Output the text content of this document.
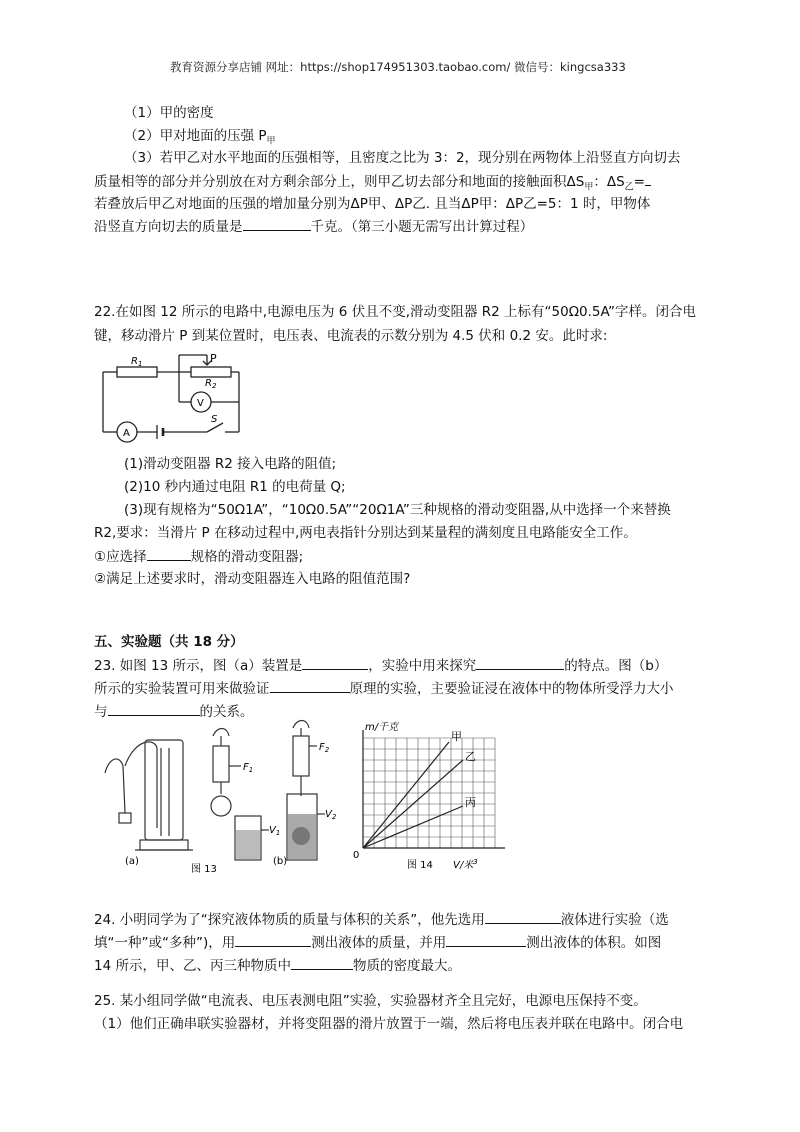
教育资源分享店铺 网址：https://shop174951303.taobao.com/ 微信号：kingcsa333
（1）甲的密度
（2）甲对地面的压强 $P_甲$
（3）若甲乙对水平地面的压强相等，且密度之比为 3：2，现分别在两物体上沿竖直方向切去
质量相等的部分并分别放在对方剩余部分上，则甲乙切去部分和地面的接触面积$\Delta S_甲$：$\Delta S_乙=$
若叠放后甲乙对地面的压强的增加量分别为ΔP甲、ΔP乙. 且当ΔP甲：ΔP乙=5：1 时，甲物体
沿竖直方向切去的质量是	千克。（第三小题无需写出计算过程）
22.在如图 12 所示的电路中,电源电压为 6 伏且不变,滑动变阻器 R2 上标有“50Ω0.5A”字样。闭合电
键，移动滑片 P 到某位置时，电压表、电流表的示数分别为 4.5 伏和 0.2 安。此时求:
P
$R_1$
$R_2$
V
A
S
(1)滑动变阻器 R2 接入电路的阻值;
(2)10 秒内通过电阻 R1 的电荷量 Q;
(3)现有规格为“50Ω1A”，“10Ω0.5A”“20Ω1A”三种规格的滑动变阻器,从中选择一个来替换
R2,要求：当滑片 P 在移动过程中,两电表指针分别达到某量程的满刻度且电路能安全工作。
①应选择	规格的滑动变阻器;
②满足上述要求时，滑动变阻器连入电路的阻值范围?
五、实验题（共 18 分）
23. 如图 13 所示，图（a）装置是	，实验中用来探究	的特点。图（b）
所示的实验装置可用来做验证	原理的实验，主要验证浸在液体中的物体所受浮力大小
与	的关系。
$F_1$
$F_2$
$V_1$
$V_2$
(a)	(b)
图 13
m/千克
0
甲
乙
丙
图 14 V/米$^3$
24. 小明同学为了“探究液体物质的质量与体积的关系”，他先选用	液体进行实验（选
填“一种”或“多种”)，用	测出液体的质量，并用	测出液体的体积。如图
14 所示，甲、乙、丙三种物质中	物质的密度最大。
25. 某小组同学做“电流表、电压表测电阻”实验，实验器材齐全且完好，电源电压保持不变。
（1）他们正确串联实验器材，并将变阻器的滑片放置于一端，然后将电压表并联在电路中。闭合电
